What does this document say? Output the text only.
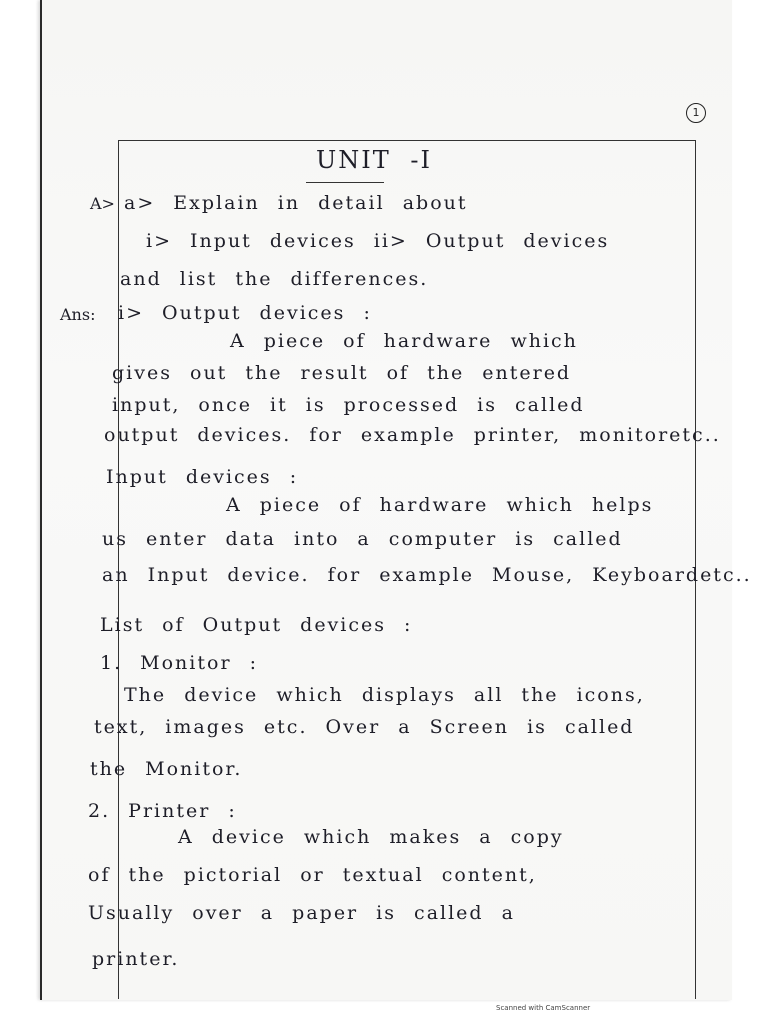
1
UNIT -I
A>
Ans:
a> Explain in detail about
i> Input devices ii> Output devices
and list the differences.
i> Output devices :
A piece of hardware which
gives out the result of the entered
input, once it is processed is called
output devices. for example printer, monitoretc..
Input devices :
A piece of hardware which helps
us enter data into a computer is called
an Input device. for example Mouse, Keyboardetc..
List of Output devices :
1. Monitor :
The device which displays all the icons,
text, images etc. Over a Screen is called
the Monitor.
2. Printer :
A device which makes a copy
of the pictorial or textual content,
Usually over a paper is called a
printer.
Scanned with CamScanner
